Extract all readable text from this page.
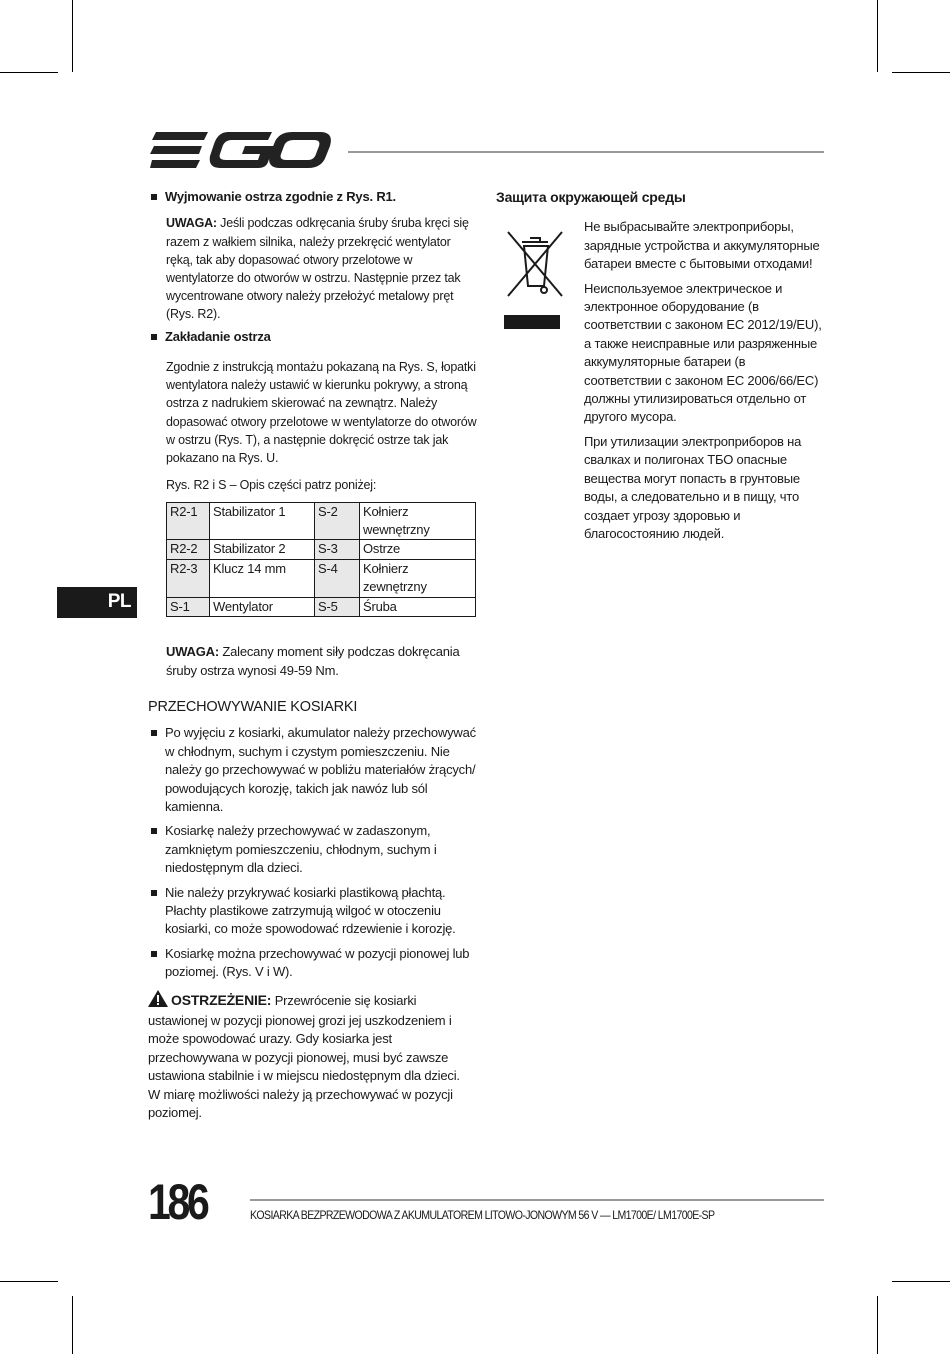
PL
Wyjmowanie ostrza zgodnie z Rys. R1.

UWAGA: Jeśli podczas odkręcania śruby śruba kręci się razem z wałkiem silnika, należy przekręcić wentylator ręką, tak aby dopasować otwory przelotowe w wentylatorze do otworów w ostrzu. Następnie przez tak wycentrowane otwory należy przełożyć metalowy pręt (Rys. R2).

Zakładanie ostrza

Zgodnie z instrukcją montażu pokazaną na Rys. S, łopatki wentylatora należy ustawić w kierunku pokrywy, a stroną ostrza z nadrukiem skierować na zewnątrz. Należy dopasować otwory przelotowe w wentylatorze do otworów w ostrzu (Rys. T), a następnie dokręcić ostrze tak jak pokazano na Rys. U.

Rys. R2 i S – Opis części patrz poniżej:

R2-1	Stabilizator 1	S-2	Kołnierz wewnętrzny
R2-2	Stabilizator 2	S-3	Ostrze
R2-3	Klucz 14 mm	S-4	Kołnierz zewnętrzny
S-1	Wentylator	S-5	Śruba

UWAGA: Zalecany moment siły podczas dokręcania śruby ostrza wynosi 49-59 Nm.

PRZECHOWYWANIE KOSIARKI
Po wyjęciu z kosiarki, akumulator należy przechowywać w chłodnym, suchym i czystym pomieszczeniu. Nie należy go przechowywać w pobliżu materiałów żrących/ powodujących korozję, takich jak nawóz lub sól kamienna.
Kosiarkę należy przechowywać w zadaszonym, zamkniętym pomieszczeniu, chłodnym, suchym i niedostępnym dla dzieci.
Nie należy przykrywać kosiarki plastikową płachtą. Płachty plastikowe zatrzymują wilgoć w otoczeniu kosiarki, co może spowodować rdzewienie i korozję.
Kosiarkę można przechowywać w pozycji pionowej lub poziomej. (Rys. V i W).

OSTRZEŻENIE: Przewrócenie się kosiarki ustawionej w pozycji pionowej grozi jej uszkodzeniem i może spowodować urazy. Gdy kosiarka jest przechowywana w pozycji pionowej, musi być zawsze ustawiona stabilnie i w miejscu niedostępnym dla dzieci. W miarę możliwości należy ją przechowywać w pozycji poziomej.

Защита окружающей среды

Не выбрасывайте электроприборы, зарядные устройства и аккумуляторные батареи вместе с бытовыми отходами!

Неиспользуемое электрическое и электронное оборудование (в соответствии с законом ЕС 2012/19/EU), а также неисправные или разряженные аккумуляторные батареи (в соответствии с законом ЕС 2006/66/EC) должны утилизироваться отдельно от другого мусора.

При утилизации электроприборов на свалках и полигонах ТБО опасные вещества могут попасть в грунтовые воды, а следовательно и в пищу, что создает угрозу здоровью и благосостоянию людей.

186	KOSIARKA BEZPRZEWODOWA Z AKUMULATOREM LITOWO-JONOWYM 56 V — LM1700E/ LM1700E-SP
